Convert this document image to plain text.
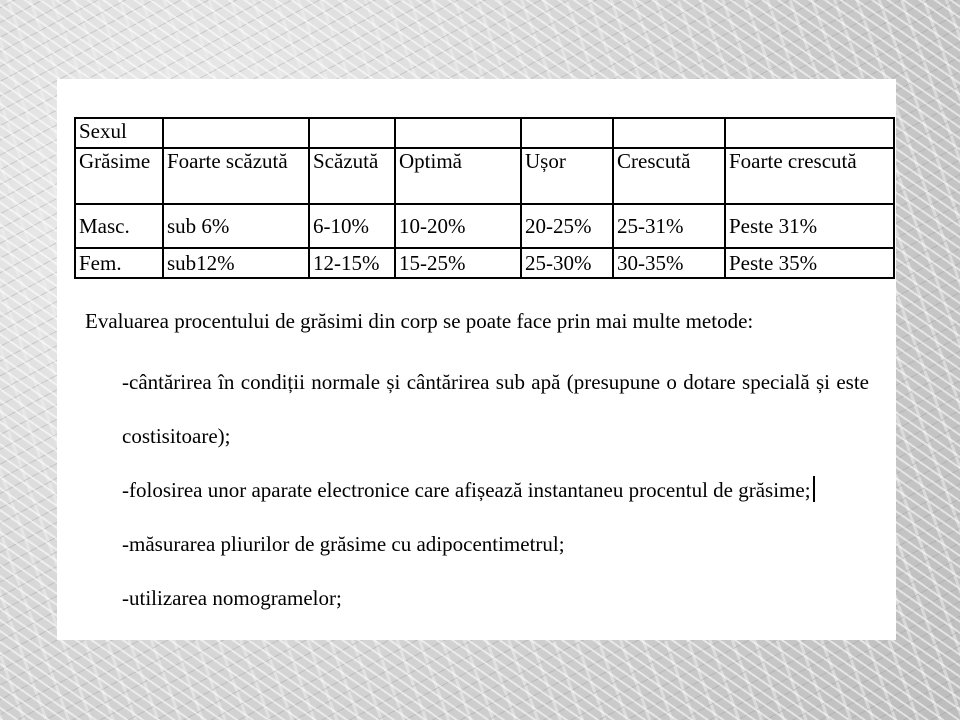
Sexul						
Grăsime	Foarte scăzută	Scăzută	Optimă	Ușor	Crescută	Foarte crescută
Masc.	sub 6%	6-10%	10-20%	20-25%	25-31%	Peste 31%
Fem.	sub12%	12-15%	15-25%	25-30%	30-35%	Peste 35%

Evaluarea procentului de grăsimi din corp se poate face prin mai multe metode:

-cântărirea în condiții normale și cântărirea sub apă (presupune o dotare specială și este costisitoare);

-folosirea unor aparate electronice care afișează instantaneu procentul de grăsime;

-măsurarea pliurilor de grăsime cu adipocentimetrul;

-utilizarea nomogramelor;
